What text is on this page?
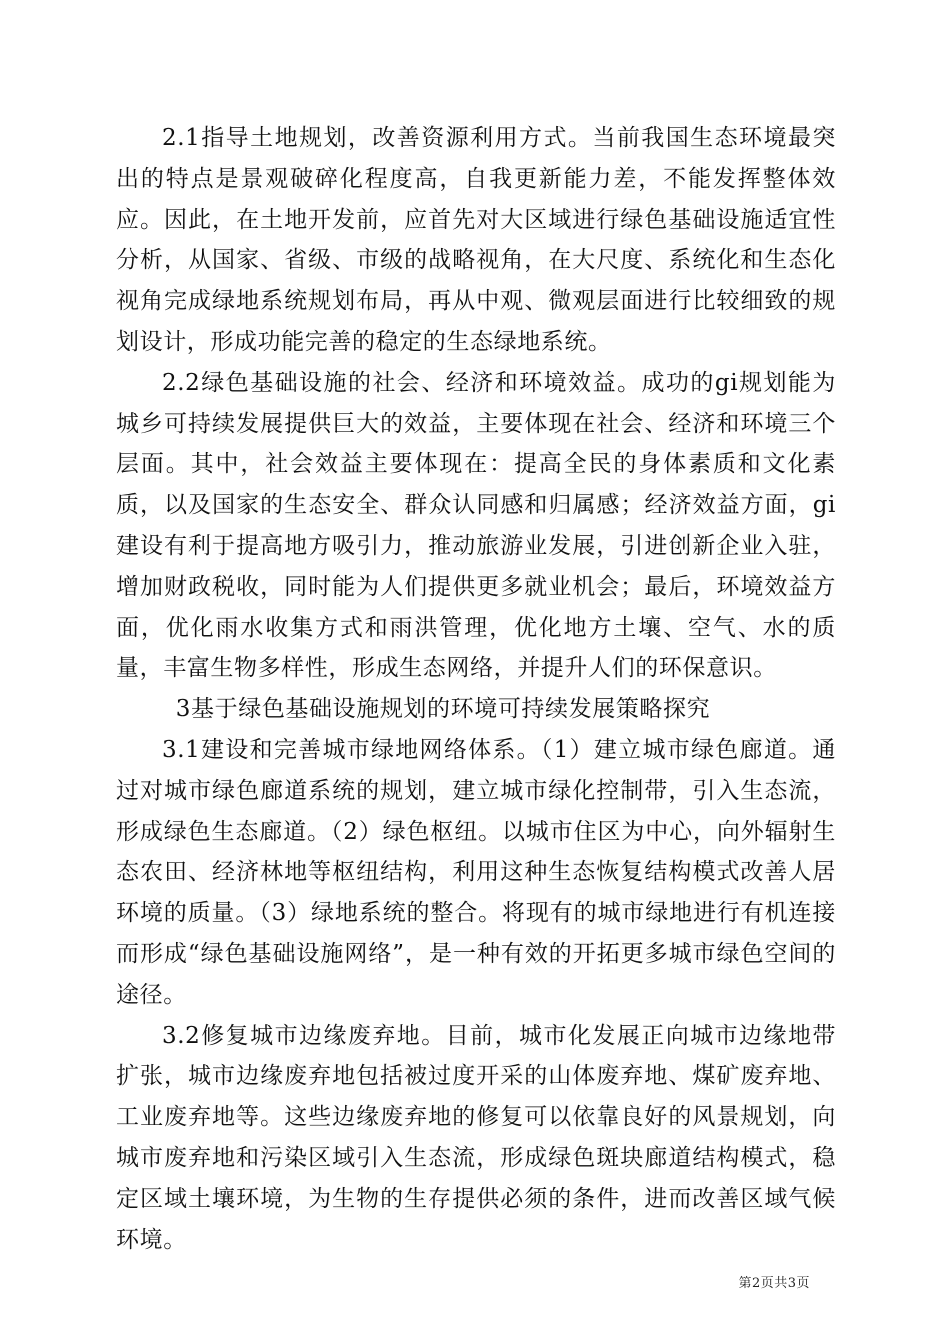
2.1指导土地规划，改善资源利用方式。当前我国生态环境最突出的特点是景观破碎化程度高，自我更新能力差，不能发挥整体效应。因此，在土地开发前，应首先对大区域进行绿色基础设施适宜性分析，从国家、省级、市级的战略视角，在大尺度、系统化和生态化视角完成绿地系统规划布局，再从中观、微观层面进行比较细致的规划设计，形成功能完善的稳定的生态绿地系统。

2.2绿色基础设施的社会、经济和环境效益。成功的gi规划能为城乡可持续发展提供巨大的效益，主要体现在社会、经济和环境三个层面。其中，社会效益主要体现在：提高全民的身体素质和文化素质，以及国家的生态安全、群众认同感和归属感；经济效益方面，gi建设有利于提高地方吸引力，推动旅游业发展，引进创新企业入驻，增加财政税收，同时能为人们提供更多就业机会；最后，环境效益方面，优化雨水收集方式和雨洪管理，优化地方土壤、空气、水的质量，丰富生物多样性，形成生态网络，并提升人们的环保意识。

3基于绿色基础设施规划的环境可持续发展策略探究

3.1建设和完善城市绿地网络体系。（1）建立城市绿色廊道。通过对城市绿色廊道系统的规划，建立城市绿化控制带，引入生态流，形成绿色生态廊道。（2）绿色枢纽。以城市住区为中心，向外辐射生态农田、经济林地等枢纽结构，利用这种生态恢复结构模式改善人居环境的质量。（3）绿地系统的整合。将现有的城市绿地进行有机连接而形成“绿色基础设施网络”，是一种有效的开拓更多城市绿色空间的途径。

3.2修复城市边缘废弃地。目前，城市化发展正向城市边缘地带扩张，城市边缘废弃地包括被过度开采的山体废弃地、煤矿废弃地、工业废弃地等。这些边缘废弃地的修复可以依靠良好的风景规划，向城市废弃地和污染区域引入生态流，形成绿色斑块廊道结构模式，稳定区域土壤环境，为生物的生存提供必须的条件，进而改善区域气候环境。

第2页共3页
